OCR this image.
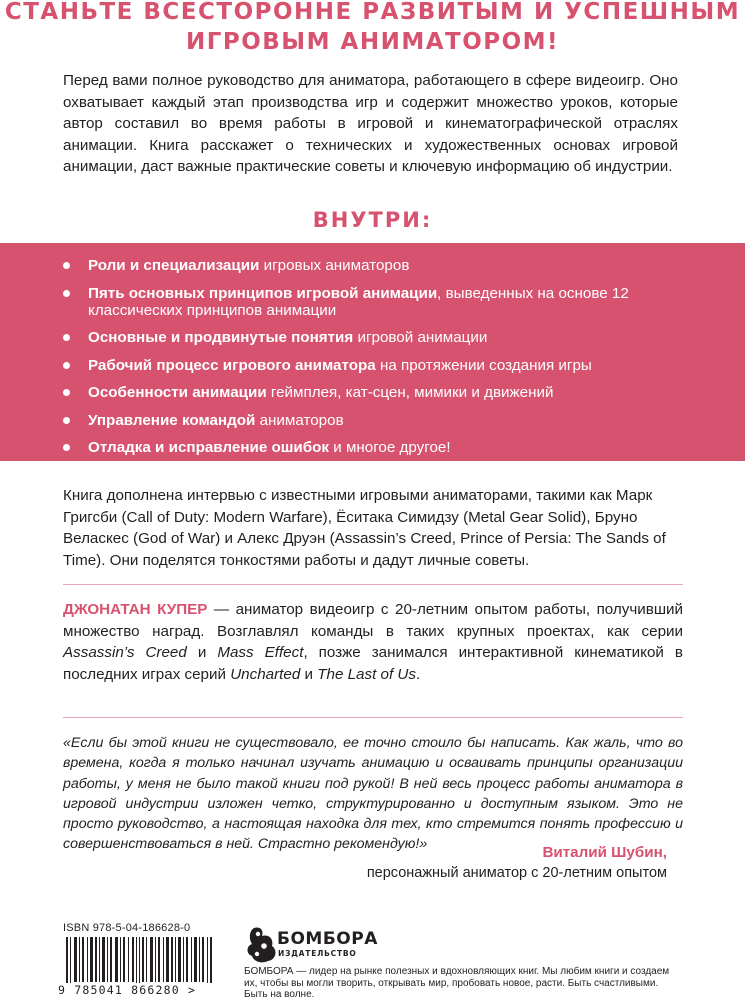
СТАНЬТЕ ВСЕСТОРОННЕ РАЗВИТЫМ И УСПЕШНЫМ
ИГРОВЫМ АНИМАТОРОМ!

Перед вами полное руководство для аниматора, работающего в сфере видеоигр. Оно охватывает каждый этап производства игр и содержит множество уроков, которые автор составил во время работы в игровой и кинематографической отраслях анимации. Книга расскажет о технических и художественных основах игровой анимации, даст важные практические советы и ключевую информацию об индустрии.

ВНУТРИ:
Роли и специализации игровых аниматоров
Пять основных принципов игровой анимации, выведенных на основе 12 классических принципов анимации
Основные и продвинутые понятия игровой анимации
Рабочий процесс игрового аниматора на протяжении создания игры
Особенности анимации геймплея, кат-сцен, мимики и движений
Управление командой аниматоров
Отладка и исправление ошибок и многое другое!

Книга дополнена интервью с известными игровыми аниматорами, такими как Марк Григсби (Call of Duty: Modern Warfare), Ёситака Симидзу (Metal Gear Solid), Бруно Веласкес (God of War) и Алекс Друэн (Assassin’s Creed, Prince of Persia: The Sands of Time). Они поделятся тонкостями работы и дадут личные советы.

ДЖОНАТАН КУПЕР — аниматор видеоигр с 20-летним опытом работы, получивший множество наград. Возглавлял команды в таких крупных проектах, как серии Assassin’s Creed и Mass Effect, позже занимался интерактивной кинематикой в последних играх серий Uncharted и The Last of Us.

«Если бы этой книги не существовало, ее точно стоило бы написать. Как жаль, что во времена, когда я только начинал изучать анимацию и осваивать принципы организации работы, у меня не было такой книги под рукой! В ней весь процесс работы аниматора в игровой индустрии изложен четко, структурированно и доступным языком. Это не просто руководство, а настоящая находка для тех, кто стремится понять профессию и совершенствоваться в ней. Страстно рекомендую!»	Виталий Шубин,
персонажный аниматор с 20-летним опытом
ISBN 978-5-04-186628-0
9 785041 866280 >
БОМБОРА
ИЗДАТЕЛЬСТВО

БОМБОРА — лидер на рынке полезных и вдохновляющих книг. Мы любим книги и создаем их, чтобы вы могли творить, открывать мир, пробовать новое, расти. Быть счастливыми. Быть на волне.
